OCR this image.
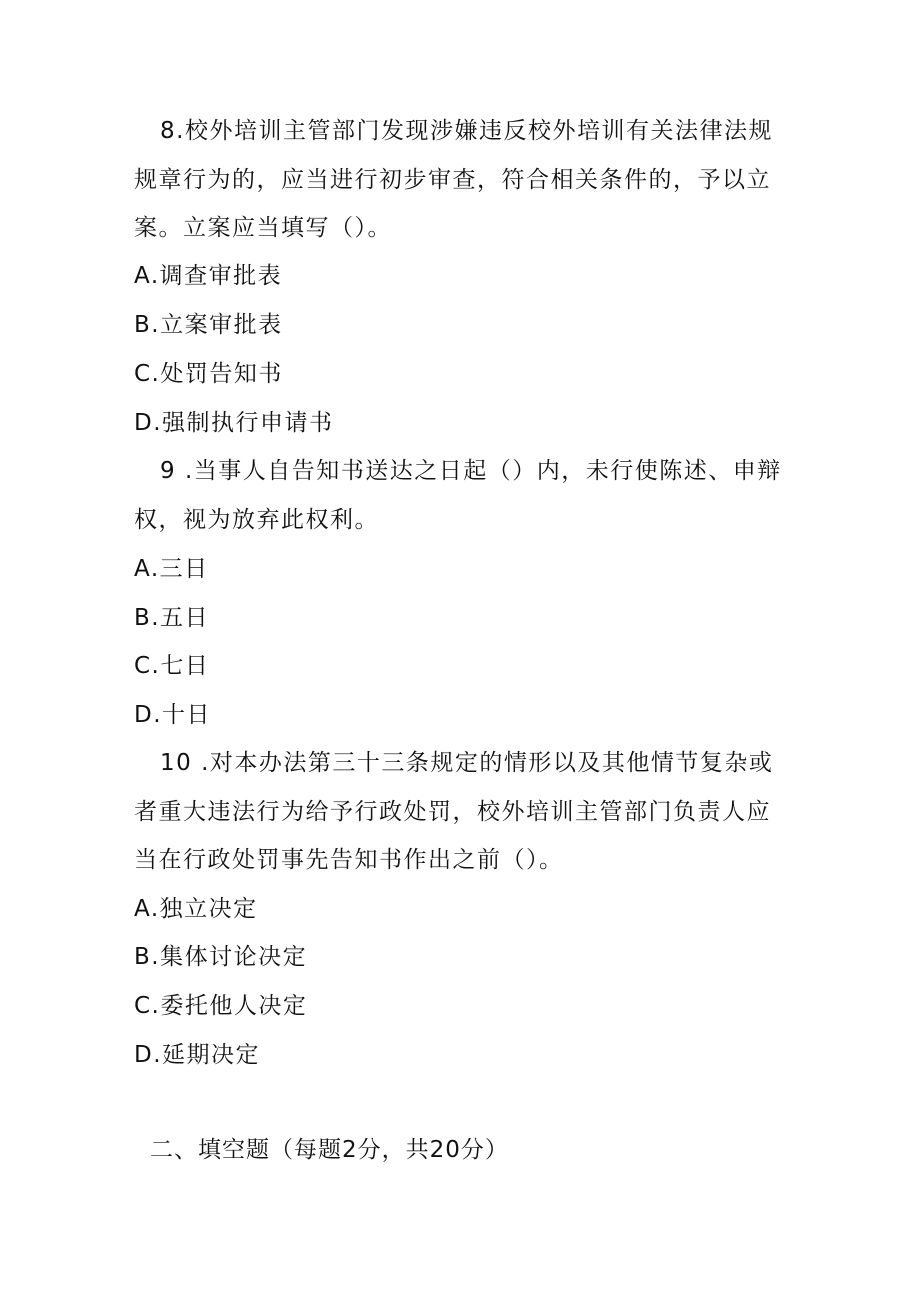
8.校外培训主管部门发现涉嫌违反校外培训有关法律法规
规章行为的，应当进行初步审查，符合相关条件的，予以立
案。立案应当填写（）。
A.调查审批表
B.立案审批表
C.处罚告知书
D.强制执行申请书
9 .当事人自告知书送达之日起（）内，未行使陈述、申辩
权，视为放弃此权利。
A.三日
B.五日
C.七日
D.十日
10 .对本办法第三十三条规定的情形以及其他情节复杂或
者重大违法行为给予行政处罚，校外培训主管部门负责人应
当在行政处罚事先告知书作出之前（）。
A.独立决定
B.集体讨论决定
C.委托他人决定
D.延期决定
二、填空题（每题2分，共20分）
